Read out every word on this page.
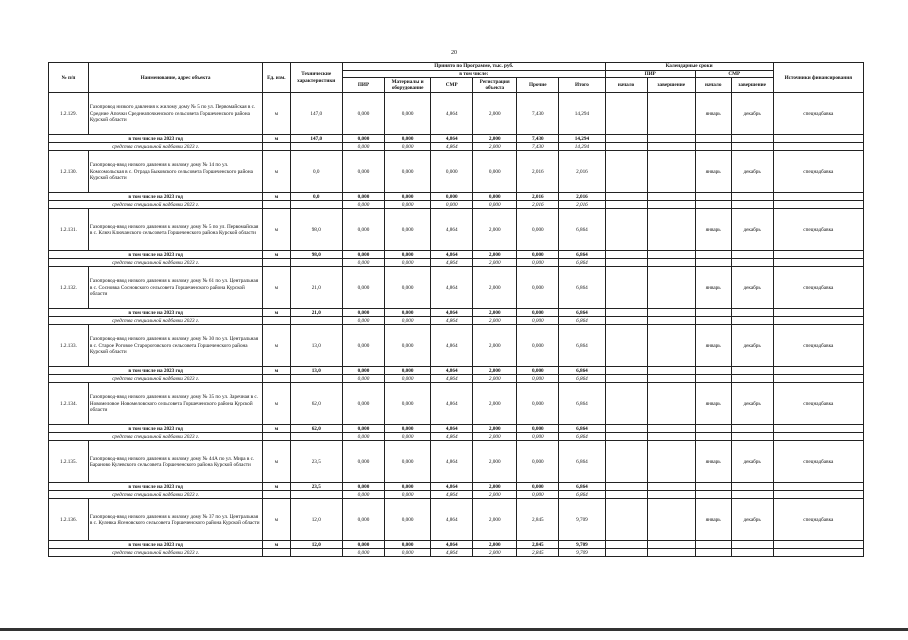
20
№ п/п	Наименование, адрес объекта	Ед. изм.	Технические характеристики	Принято по Программе, тыс. руб.						Календарные сроки				Источники финансирования
				в том числе:						ПИР		СМР		
				ПИР	Материалы и оборудование	СМР	Регистрация объекта	Прочие	Итого	начало	завершение	начало	завершение	
1.2.129.	Газопровод низкого давления к жилому дому № 5 по ул. Первомайская в с. Средние Апочки Среднеапочкенского сельсовета Горшеченского района Курской области	м	147,0	0,000	0,000	4,864	2,000	7,430	14,294			январь	декабрь	спецнадбавка
в том числе на 2023 год		м	147,0	0,000	0,000	4,864	2,000	7,430	14,294					
средства специальной надбавки 2023 г.				0,000	0,000	4,864	2,000	7,430	14,294					
1.2.130.	Газопровод-ввод низкого давления к жилому дому № 14 по ул. Комсомольская в с. Отрада Быковского сельсовета Горшеченского района Курской области	м	0,0	0,000	0,000	0,000	0,000	2,016	2,016			январь	декабрь	спецнадбавка
в том числе на 2023 год		м	0,0	0,000	0,000	0,000	0,000	2,016	2,016					
средства специальной надбавки 2023 г.				0,000	0,000	0,000	0,000	2,016	2,016					
1.2.131.	Газопровод-ввод низкого давления к жилому дому № 5 по ул. Первомайская в с. Ключ Ключанского сельсовета Горшеченского района Курской области	м	98,0	0,000	0,000	4,864	2,000	0,000	6,864			январь	декабрь	спецнадбавка
в том числе на 2023 год		м	98,0	0,000	0,000	4,864	2,000	0,000	6,864					
средства специальной надбавки 2023 г.				0,000	0,000	4,864	2,000	0,000	6,864					
1.2.132.	Газопровод-ввод низкого давления к жилому дому № 61 по ул. Центральная в с. Сосновка Сосновского сельсовета Горшеченского района Курской области	м	21,0	0,000	0,000	4,864	2,000	0,000	6,864			январь	декабрь	спецнадбавка
в том числе на 2023 год		м	21,0	0,000	0,000	4,864	2,000	0,000	6,864					
средства специальной надбавки 2023 г.				0,000	0,000	4,864	2,000	0,000	6,864					
1.2.133.	Газопровод-ввод низкого давления к жилому дому № 30 по ул. Центральная в с. Старое Роговое Старороговского сельсовета Горшеченского района Курской области	м	13,0	0,000	0,000	4,864	2,000	0,000	6,864			январь	декабрь	спецнадбавка
в том числе на 2023 год		м	13,0	0,000	0,000	4,864	2,000	0,000	6,864					
средства специальной надбавки 2023 г.				0,000	0,000	4,864	2,000	0,000	6,864					
1.2.134.	Газопровод-ввод низкого давления к жилому дому № 35 по ул. Заречная в с. Новомеловое Новомеловского сельсовета Горшеченского района Курской области	м	62,0	0,000	0,000	4,864	2,000	0,000	6,864			январь	декабрь	спецнадбавка
в том числе на 2023 год		м	62,0	0,000	0,000	4,864	2,000	0,000	6,864					
средства специальной надбавки 2023 г.				0,000	0,000	4,864	2,000	0,000	6,864					
1.2.135.	Газопровод-ввод низкого давления к жилому дому № 44А по ул. Мира в с. Бараново Кулевского сельсовета Горшеченского района Курской области	м	23,5	0,000	0,000	4,864	2,000	0,000	6,864			январь	декабрь	спецнадбавка
в том числе на 2023 год		м	23,5	0,000	0,000	4,864	2,000	0,000	6,864					
средства специальной надбавки 2023 г.				0,000	0,000	4,864	2,000	0,000	6,864					
1.2.136.	Газопровод-ввод низкого давления к жилому дому № 37 по ул. Центральная в с. Кулевка Ясеновского сельсовета Горшеченского района Курской области	м	12,0	0,000	0,000	4,864	2,000	2,845	9,709			январь	декабрь	спецнадбавка
в том числе на 2023 год		м	12,0	0,000	0,000	4,864	2,000	2,845	9,709					
средства специальной надбавки 2023 г.				0,000	0,000	4,864	2,000	2,845	9,709					
